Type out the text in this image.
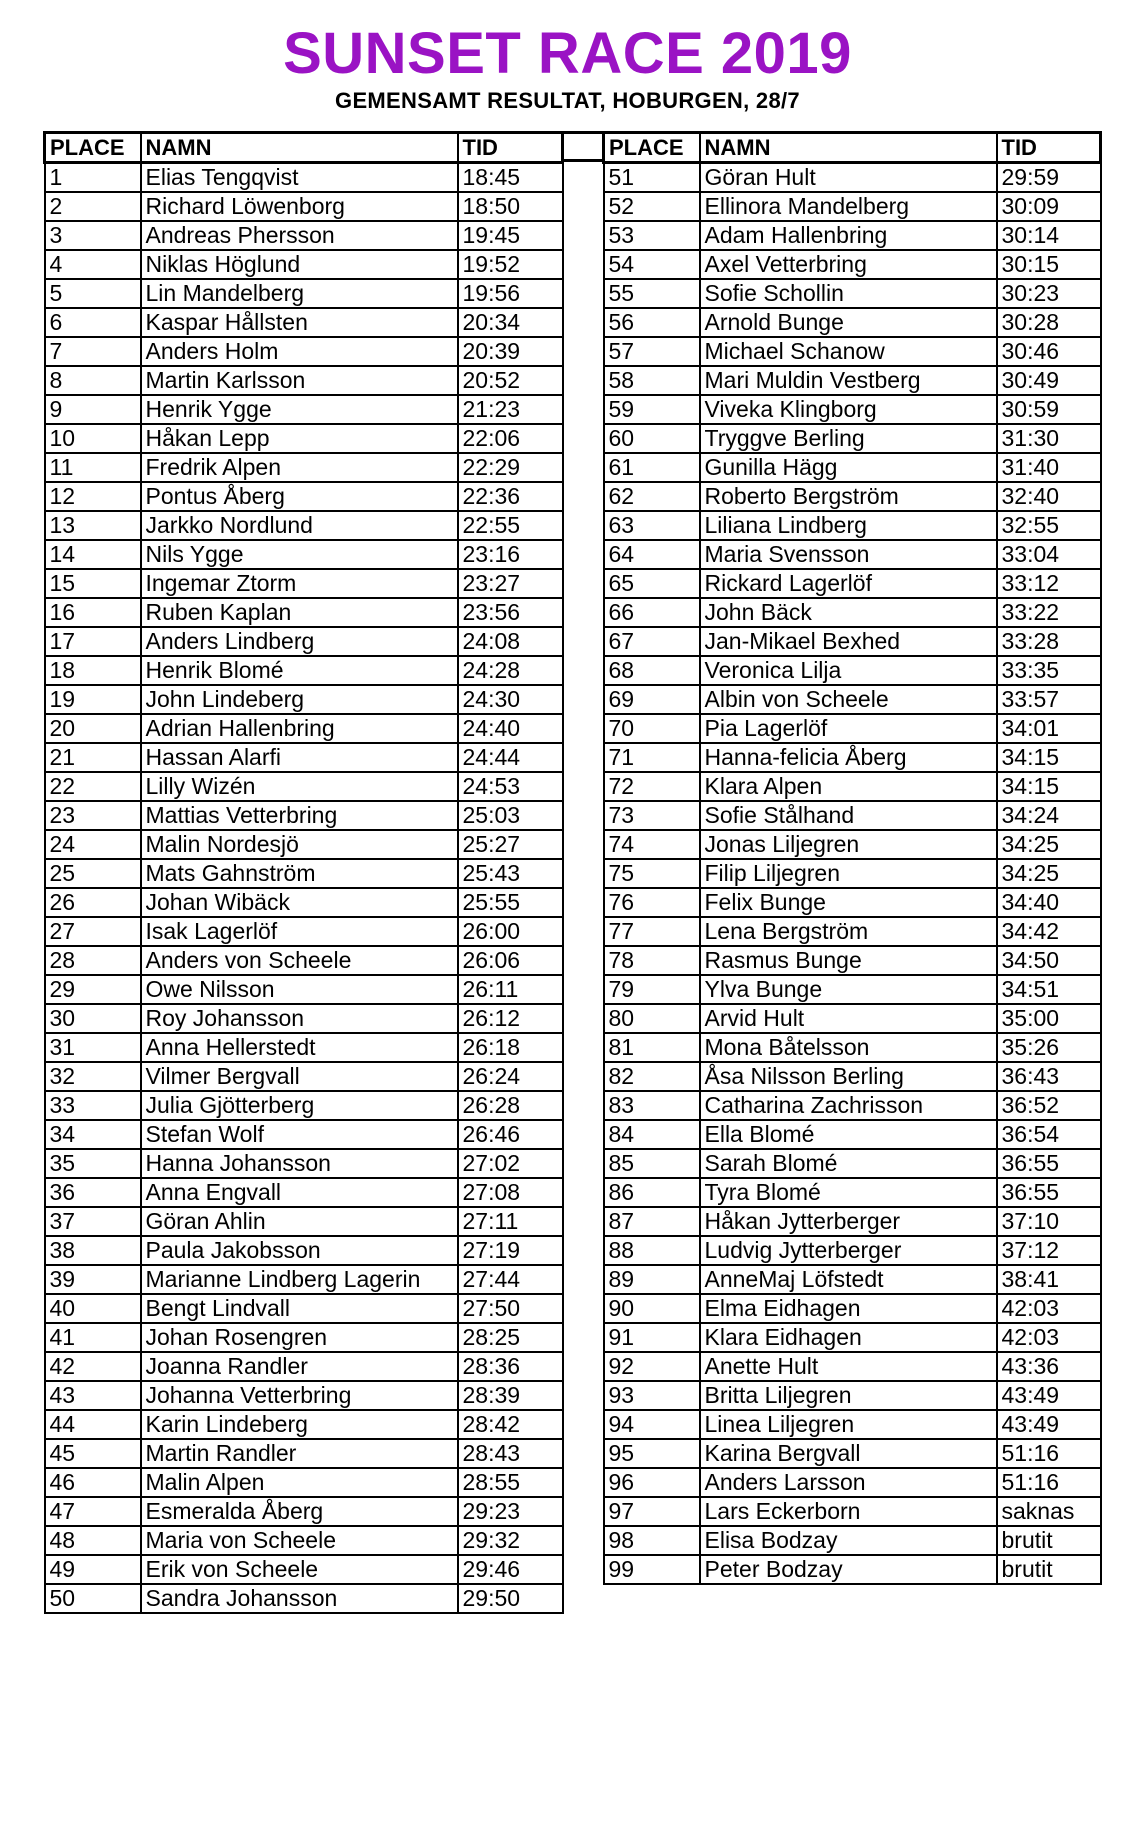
SUNSET RACE 2019
GEMENSAMT RESULTAT, HOBURGEN, 28/7
PLACE	NAMN	TID
1	Elias Tengqvist	18:45
2	Richard Löwenborg	18:50
3	Andreas Phersson	19:45
4	Niklas Höglund	19:52
5	Lin Mandelberg	19:56
6	Kaspar Hållsten	20:34
7	Anders Holm	20:39
8	Martin Karlsson	20:52
9	Henrik Ygge	21:23
10	Håkan Lepp	22:06
11	Fredrik Alpen	22:29
12	Pontus Åberg	22:36
13	Jarkko Nordlund	22:55
14	Nils Ygge	23:16
15	Ingemar Ztorm	23:27
16	Ruben Kaplan	23:56
17	Anders Lindberg	24:08
18	Henrik Blomé	24:28
19	John Lindeberg	24:30
20	Adrian Hallenbring	24:40
21	Hassan Alarfi	24:44
22	Lilly Wizén	24:53
23	Mattias Vetterbring	25:03
24	Malin Nordesjö	25:27
25	Mats Gahnström	25:43
26	Johan Wibäck	25:55
27	Isak Lagerlöf	26:00
28	Anders von Scheele	26:06
29	Owe Nilsson	26:11
30	Roy Johansson	26:12
31	Anna Hellerstedt	26:18
32	Vilmer Bergvall	26:24
33	Julia Gjötterberg	26:28
34	Stefan Wolf	26:46
35	Hanna Johansson	27:02
36	Anna Engvall	27:08
37	Göran Ahlin	27:11
38	Paula Jakobsson	27:19
39	Marianne Lindberg Lagerin	27:44
40	Bengt Lindvall	27:50
41	Johan Rosengren	28:25
42	Joanna Randler	28:36
43	Johanna Vetterbring	28:39
44	Karin Lindeberg	28:42
45	Martin Randler	28:43
46	Malin Alpen	28:55
47	Esmeralda Åberg	29:23
48	Maria von Scheele	29:32
49	Erik von Scheele	29:46
50	Sandra Johansson	29:50
PLACE	NAMN	TID
51	Göran Hult	29:59
52	Ellinora Mandelberg	30:09
53	Adam Hallenbring	30:14
54	Axel Vetterbring	30:15
55	Sofie Schollin	30:23
56	Arnold Bunge	30:28
57	Michael Schanow	30:46
58	Mari Muldin Vestberg	30:49
59	Viveka Klingborg	30:59
60	Tryggve Berling	31:30
61	Gunilla Hägg	31:40
62	Roberto Bergström	32:40
63	Liliana Lindberg	32:55
64	Maria Svensson	33:04
65	Rickard Lagerlöf	33:12
66	John Bäck	33:22
67	Jan-Mikael Bexhed	33:28
68	Veronica Lilja	33:35
69	Albin von Scheele	33:57
70	Pia Lagerlöf	34:01
71	Hanna-felicia Åberg	34:15
72	Klara Alpen	34:15
73	Sofie Stålhand	34:24
74	Jonas Liljegren	34:25
75	Filip Liljegren	34:25
76	Felix Bunge	34:40
77	Lena Bergström	34:42
78	Rasmus Bunge	34:50
79	Ylva Bunge	34:51
80	Arvid Hult	35:00
81	Mona Båtelsson	35:26
82	Åsa Nilsson Berling	36:43
83	Catharina Zachrisson	36:52
84	Ella Blomé	36:54
85	Sarah Blomé	36:55
86	Tyra Blomé	36:55
87	Håkan Jytterberger	37:10
88	Ludvig Jytterberger	37:12
89	AnneMaj Löfstedt	38:41
90	Elma Eidhagen	42:03
91	Klara Eidhagen	42:03
92	Anette Hult	43:36
93	Britta Liljegren	43:49
94	Linea Liljegren	43:49
95	Karina Bergvall	51:16
96	Anders Larsson	51:16
97	Lars Eckerborn	saknas
98	Elisa Bodzay	brutit
99	Peter Bodzay	brutit
